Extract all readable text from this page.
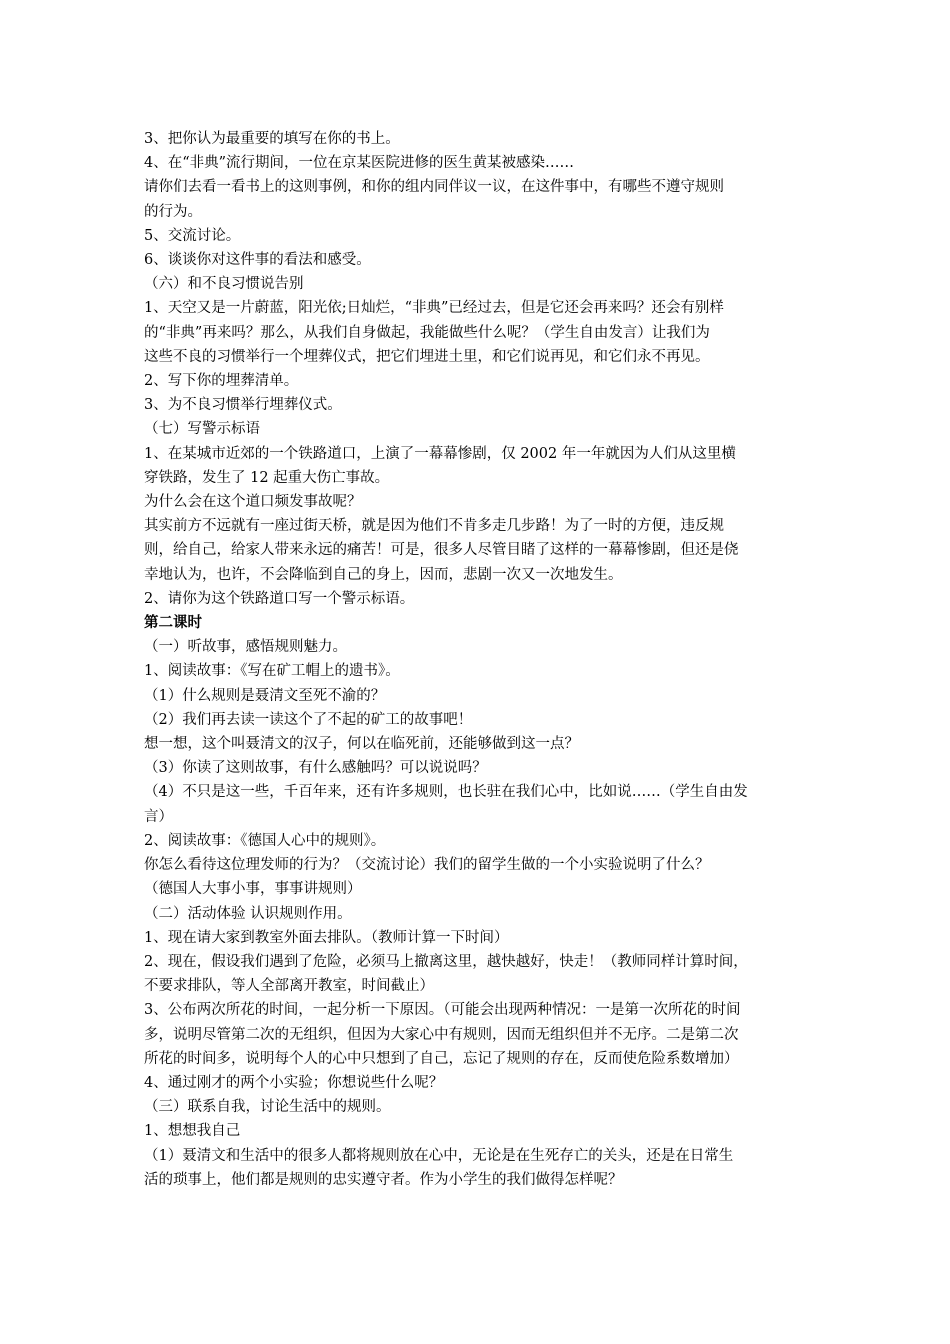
3、把你认为最重要的填写在你的书上。
4、在“非典”流行期间，一位在京某医院进修的医生黄某被感染……
请你们去看一看书上的这则事例，和你的组内同伴议一议，在这件事中，有哪些不遵守规则
的行为。
5、交流讨论。
6、谈谈你对这件事的看法和感受。
（六）和不良习惯说告别
1、天空又是一片蔚蓝，阳光依;日灿烂，“非典”已经过去，但是它还会再来吗？还会有别样
的“非典”再来吗？那么，从我们自身做起，我能做些什么呢？（学生自由发言）让我们为
这些不良的习惯举行一个埋葬仪式，把它们埋进土里，和它们说再见，和它们永不再见。
2、写下你的埋葬清单。
3、为不良习惯举行埋葬仪式。
（七）写警示标语
1、在某城市近郊的一个铁路道口，上演了一幕幕惨剧，仅 2002 年一年就因为人们从这里横
穿铁路，发生了 12 起重大伤亡事故。
为什么会在这个道口频发事故呢？
其实前方不远就有一座过街天桥，就是因为他们不肯多走几步路！为了一时的方便，违反规
则，给自己，给家人带来永远的痛苦！可是，很多人尽管目睹了这样的一幕幕惨剧，但还是侥
幸地认为，也许，不会降临到自己的身上，因而，悲剧一次又一次地发生。
2、请你为这个铁路道口写一个警示标语。
第二课时
（一）听故事，感悟规则魅力。
1、阅读故事：《写在矿工帽上的遗书》。
（1）什么规则是聂清文至死不渝的？
（2）我们再去读一读这个了不起的矿工的故事吧！
想一想，这个叫聂清文的汉子，何以在临死前，还能够做到这一点？
（3）你读了这则故事，有什么感触吗？可以说说吗？
（4）不只是这一些，千百年来，还有许多规则，也长驻在我们心中，比如说……（学生自由发
言）
2、阅读故事：《德国人心中的规则》。
你怎么看待这位理发师的行为？（交流讨论）我们的留学生做的一个小实验说明了什么？
（德国人大事小事，事事讲规则）
（二）活动体验 认识规则作用。
1、现在请大家到教室外面去排队。（教师计算一下时间）
2、现在，假设我们遇到了危险，必须马上撤离这里，越快越好，快走！（教师同样计算时间，
不要求排队，等人全部离开教室，时间截止）
3、公布两次所花的时间，一起分析一下原因。（可能会出现两种情况：一是第一次所花的时间
多，说明尽管第二次的无组织，但因为大家心中有规则，因而无组织但并不无序。二是第二次
所花的时间多，说明每个人的心中只想到了自己，忘记了规则的存在，反而使危险系数增加）
4、通过刚才的两个小实验；你想说些什么呢？
（三）联系自我，讨论生活中的规则。
1、想想我自己
（1）聂清文和生活中的很多人都将规则放在心中，无论是在生死存亡的关头，还是在日常生
活的琐事上，他们都是规则的忠实遵守者。作为小学生的我们做得怎样呢？
